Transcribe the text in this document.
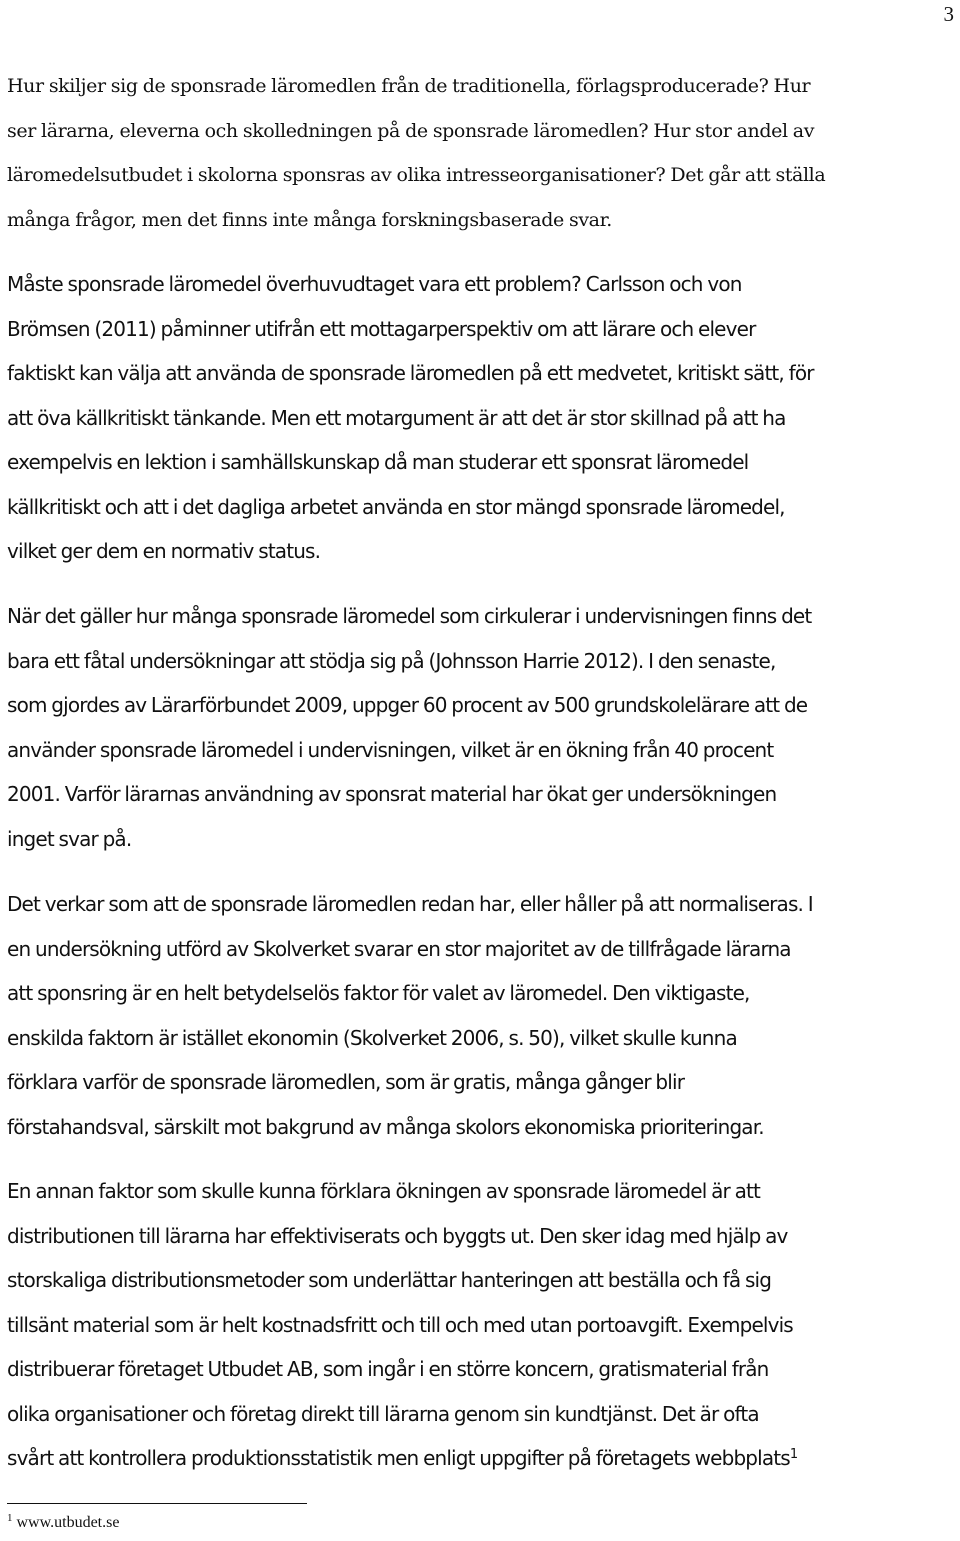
3
Hur skiljer sig de sponsrade läromedlen från de traditionella, förlagsproducerade? Hur
ser lärarna, eleverna och skolledningen på de sponsrade läromedlen? Hur stor andel av
läromedelsutbudet i skolorna sponsras av olika intresseorganisationer? Det går att ställa
många frågor, men det finns inte många forskningsbaserade svar.
Måste sponsrade läromedel överhuvudtaget vara ett problem? Carlsson och von
Brömsen (2011) påminner utifrån ett mottagarperspektiv om att lärare och elever
faktiskt kan välja att använda de sponsrade läromedlen på ett medvetet, kritiskt sätt, för
att öva källkritiskt tänkande. Men ett motargument är att det är stor skillnad på att ha
exempelvis en lektion i samhällskunskap då man studerar ett sponsrat läromedel
källkritiskt och att i det dagliga arbetet använda en stor mängd sponsrade läromedel,
vilket ger dem en normativ status.
När det gäller hur många sponsrade läromedel som cirkulerar i undervisningen finns det
bara ett fåtal undersökningar att stödja sig på (Johnsson Harrie 2012). I den senaste,
som gjordes av Lärarförbundet 2009, uppger 60 procent av 500 grundskolelärare att de
använder sponsrade läromedel i undervisningen, vilket är en ökning från 40 procent
2001. Varför lärarnas användning av sponsrat material har ökat ger undersökningen
inget svar på.
Det verkar som att de sponsrade läromedlen redan har, eller håller på att normaliseras. I
en undersökning utförd av Skolverket svarar en stor majoritet av de tillfrågade lärarna
att sponsring är en helt betydelselös faktor för valet av läromedel. Den viktigaste,
enskilda faktorn är istället ekonomin (Skolverket 2006, s. 50), vilket skulle kunna
förklara varför de sponsrade läromedlen, som är gratis, många gånger blir
förstahandsval, särskilt mot bakgrund av många skolors ekonomiska prioriteringar.
En annan faktor som skulle kunna förklara ökningen av sponsrade läromedel är att
distributionen till lärarna har effektiviserats och byggts ut. Den sker idag med hjälp av
storskaliga distributionsmetoder som underlättar hanteringen att beställa och få sig
tillsänt material som är helt kostnadsfritt och till och med utan portoavgift. Exempelvis
distribuerar företaget Utbudet AB, som ingår i en större koncern, gratismaterial från
olika organisationer och företag direkt till lärarna genom sin kundtjänst. Det är ofta
svårt att kontrollera produktionsstatistik men enligt uppgifter på företagets webbplats$^1$
$^1$ www.utbudet.se
